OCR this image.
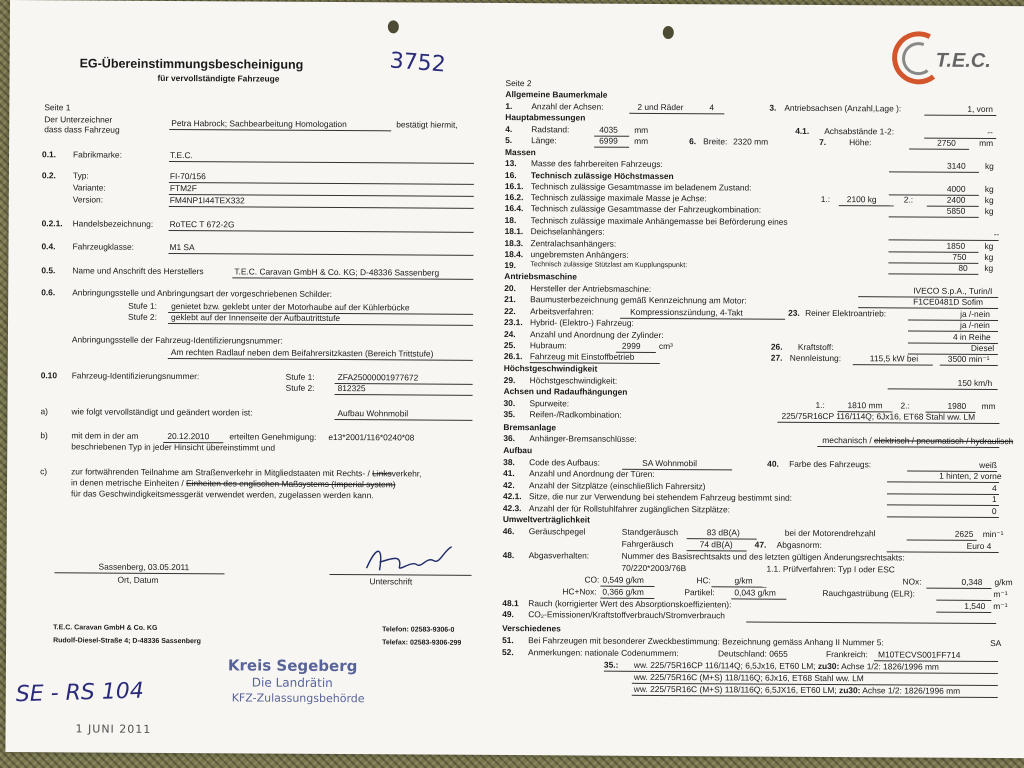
EG-Übereinstimmungsbescheinigung
für vervollständigte Fahrzeuge
3752
Seite 1
Der Unterzeichner
dass dass Fahrzeug
Petra Habrock; Sachbearbeitung Homologation	bestätigt hiermit,
0.1. Fabrikmarke:	T.E.C.
0.2. Typ:	FI-70/156
Variante:	FTM2F
Version:	FM4NP1I44TEX332
0.2.1. Handelsbezeichnung: RoTEC T 672-2G
0.4. Fahrzeugklasse:	M1 SA
0.5. Name und Anschrift des Herstellers	T.E.C. Caravan GmbH & Co. KG; D-48336 Sassenberg
0.6. Anbringungsstelle und Anbringungsart der vorgeschriebenen Schilder:
Stufe 1: genietet bzw. geklebt unter der Motorhaube auf der Kühlerbücke
Stufe 2: geklebt auf der Innenseite der Aufbautrittstufe
Anbringungsstelle der Fahrzeug-Identifizierungsnummer:
Am rechten Radlauf neben dem Beifahrersitzkasten (Bereich Trittstufe)
0.10 Fahrzeug-Identifizierungsnummer:	Stufe 1:	ZFA25000001977672
Stufe 2:	812325
a)	wie folgt vervollständigt und geändert worden ist:	Aufbau Wohnmobil
b)	mit dem in der am	20.12.2010 erteilten Genehmigung: e13*2001/116*0240*08
beschriebenen Typ in jeder Hinsicht übereinstimmt und
c)	zur fortwährenden Teilnahme am Straßenverkehr in Mitgliedstaaten mit Rechts- / Linksverkehr,
in denen metrische Einheiten / Einheiten des englischen Maßsystems (Imperial system)
für das Geschwindigkeitsmessgerät verwendet werden, zugelassen werden kann.
Sassenberg, 03.05.2011
Ort, Datum	Unterschrift
T.E.C. Caravan GmbH & Co. KG
Rudolf-Diesel-Straße 4; D-48336 Sassenberg
Telefon: 02583-9306-0
Telefax: 02583-9306-299
Kreis Segeberg
Die Landrätin
KFZ-Zulassungsbehörde
1 JUNI 2011
SE - RS 104
T.E.C.
Seite 2
Allgemeine Baumerkmale
1. Anzahl der Achsen:	2 und Räder	4	3. Antriebsachsen (Anzahl,Lage ):	1, vorn
Hauptabmessungen
4. Radstand:	4035 mm	4.1. Achsabstände 1-2:	--
5. Länge:	6999 mm	6. Breite: 2320 mm	7.	Höhe:	2750	mm
Massen
13. Masse des fahrbereiten Fahrzeugs:	3140 kg
16. Technisch zulässige Höchstmassen
16.1. Technisch zulässige Gesamtmasse im beladenem Zustand:	4000 kg
16.2. Technisch zulässige maximale Masse je Achse:	1.: 2100 kg	2.:	2400 kg
16.4. Technisch zulässige Gesamtmasse der Fahrzeugkombination:	5850 kg
18. Technisch zulässige maximale Anhängemasse bei Beförderung eines
18.1. Deichselanhängers:	--
18.3. Zentralachsanhängers:	1850 kg
18.4. ungebremsten Anhängers:	750 kg
19. Technisch zulässige Stützlast am Kupplungspunkt:	80 kg
Antriebsmaschine
20. Hersteller der Antriebsmaschine:	IVECO S.p.A., Turin/I
21. Baumusterbezeichnung gemäß Kennzeichnung am Motor:	F1CE0481D Sofim
22. Arbeitsverfahren:	Kompressionszündung, 4-Takt	23. Reiner Elektroantrieb:	ja /-nein
23.1. Hybrid- (Elektro-) Fahrzeug:	ja /-nein
24. Anzahl und Anordnung der Zylinder:	4 in Reihe
25. Hubraum:	2999 cm³	26. Kraftstoff:	Diesel
26.1. Fahrzeug mit Einstoffbetrieb	27. Nennleistung:	115,5 kW bei	3500 min⁻¹
Höchstgeschwindigkeit
29. Höchstgeschwindigkeit:	150 km/h
Achsen und Radaufhängungen
30. Spurweite:	1.:	1810 mm 2.:	1980 mm
35. Reifen-/Radkombination:	225/75R16CP 116/114Q; 6Jx16, ET68 Stahl ww. LM
Bremsanlage
36. Anhänger-Bremsanschlüsse:	mechanisch / elektrisch / pneumatisch / hydraulisch
Aufbau
38. Code des Aufbaus:	SA Wohnmobil	40. Farbe des Fahrzeugs:	weiß
41. Anzahl und Anordnung der Türen:	1 hinten, 2 vorne
42. Anzahl der Sitzplätze (einschließlich Fahrersitz)	4
42.1. Sitze, die nur zur Verwendung bei stehendem Fahrzeug bestimmt sind:	1
42.3. Anzahl der für Rollstuhlfahrer zugänglichen Sitzplätze:	0
Umweltverträglichkeit
46. Geräuschpegel	Standgeräusch	83 dB(A)	bei der Motorendrehzahl	2625 min⁻¹
Fahrgeräusch	74 dB(A)	47. Abgasnorm:	Euro 4
48. Abgasverhalten:	Nummer des Basisrechtsakts und des letzten gültigen Änderungsrechtsakts:
70/220*2003/76B	1.1. Prüfverfahren: Typ I oder ESC
CO: 0,549 g/km	HC:	g/km	NOx:	0,348 g/km
HC+Nox: 0,366 g/km	Partikel: 0,043 g/km	Rauchgastrübung (ELR):	m⁻¹
48.1 Rauch (korrigierter Wert des Absorptionskoeffizienten):	1,540 m⁻¹
49. CO₂-Emissionen/Kraftstoffverbrauch/Stromverbrauch
Verschiedenes
51. Bei Fahrzeugen mit besonderer Zweckbestimmung: Bezeichnung gemäss Anhang II Nummer 5:	SA
52. Anmerkungen: nationale Codenummern:	Deutschland: 0655	Frankreich: M10TECVS001FF714
35.: ww. 225/75R16CP 116/114Q; 6,5Jx16, ET60 LM; zu30: Achse 1/2: 1826/1996 mm
ww. 225/75R16C (M+S) 118/116Q; 6Jx16, ET68 Stahl ww. LM
ww. 225/75R16C (M+S) 118/116Q; 6,5JX16, ET60 LM; zu30: Achse 1/2: 1826/1996 mm
